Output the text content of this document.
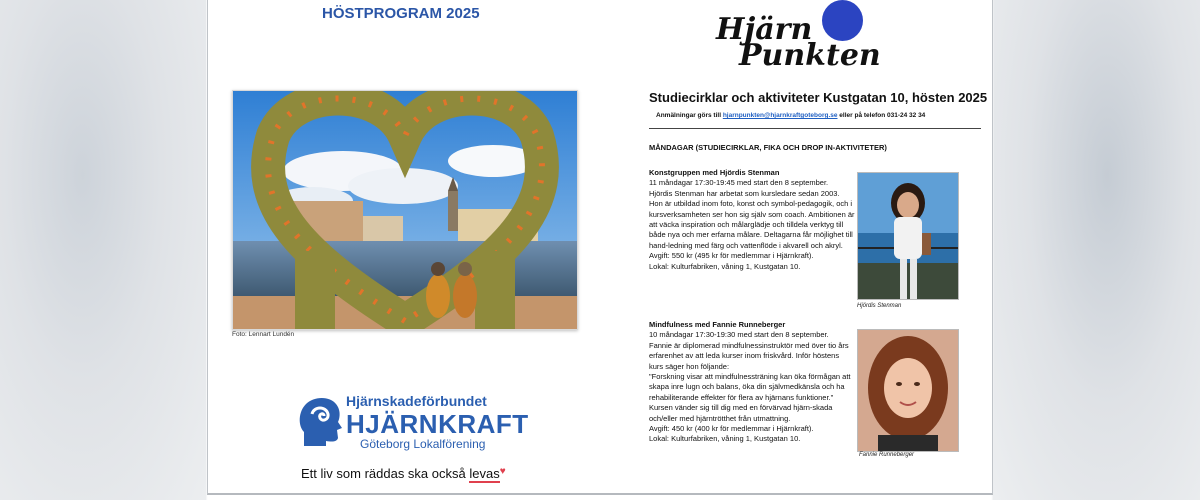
HÖSTPROGRAM 2025
Foto: Lennart Lundén
Hjärnskadeförbundet
HJÄRNKRAFT
Göteborg Lokalförening
Ett liv som räddas ska också levas♥
Hjärn
Punkten
Studiecirklar och aktiviteter Kustgatan 10, hösten 2025
Anmälningar görs till hjarnpunkten@hjarnkraftgoteborg.se eller på telefon 031-24 32 34
MÅNDAGAR (STUDIECIRKLAR, FIKA OCH DROP IN-AKTIVITETER)

Konstgruppen med Hjördis Stenman

11 måndagar 17:30-19:45 med start den 8 september.

Hjördis Stenman har arbetat som kursledare sedan 2003. Hon är utbildad inom foto, konst och symbol-pedagogik, och i kursverksamheten ser hon sig själv som coach. Ambitionen är att väcka inspiration och målarglädje och tilldela verktyg till både nya och mer erfarna målare. Deltagarna får möjlighet till hand-ledning med färg och vattenflöde i akvarell och akryl.

Avgift: 550 kr (495 kr för medlemmar i Hjärnkraft).

Lokal: Kulturfabriken, våning 1, Kustgatan 10.

Hjördis Stenman

Mindfulness med Fannie Runneberger

10 måndagar 17:30-19:30 med start den 8 september.

Fannie är diplomerad mindfulnessinstruktör med över tio års erfarenhet av att leda kurser inom friskvård. Inför höstens kurs säger hon följande:

"Forskning visar att mindfulnessträning kan öka förmågan att skapa inre lugn och balans, öka din självmedkänsla och ha rehabiliterande effekter för flera av hjärnans funktioner."

Kursen vänder sig till dig med en förvärvad hjärn-skada och/eller med hjärntrötthet från utmattning.

Avgift: 450 kr (400 kr för medlemmar i Hjärnkraft).

Lokal: Kulturfabriken, våning 1, Kustgatan 10.

Fannie Runneberger
